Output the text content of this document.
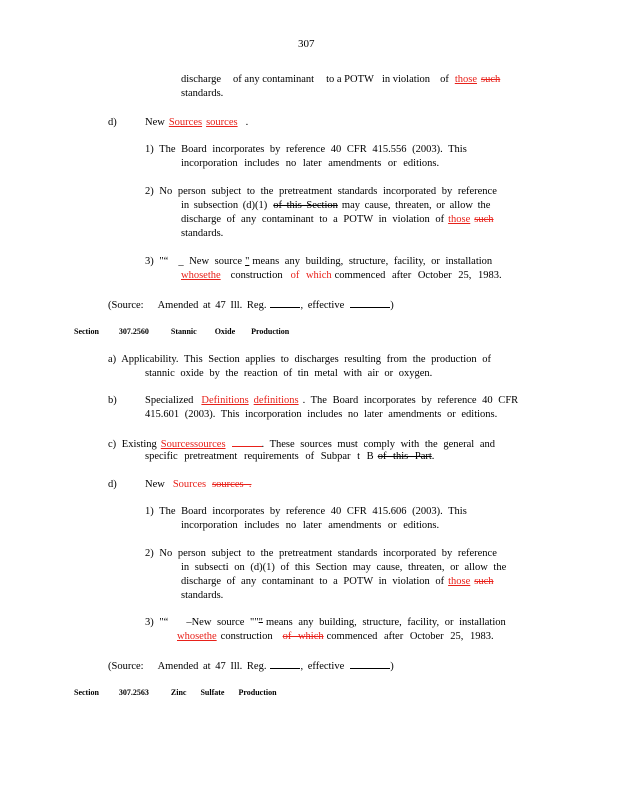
307
discharge of any contaminant to a POTW in violation of those such
standards.
d)	New Sources sources .
1) The Board incorporates by reference 40 CFR 415.556 (2003). This
incorporation includes no later amendments or editions.
2) No person subject to the pretreatment standards incorporated by reference
in subsection (d)(1) of this Section may cause, threaten, or allow the
discharge of any contaminant to a POTW in violation of those such
standards.
3) "“ _ New source " means any building, structure, facility, or installation
whosethe construction of which commenced after October 25, 1983.
(Source: Amended at 47 Ill. Reg.	, effective	)
Section	307.2560	Stannic Oxide Production
a) Applicability. This Section applies to discharges resulting from the production of
stannic oxide by the reaction of tin metal with air or oxygen.
b)	Specialized Definitions definitions . The Board incorporates by reference 40 CFR
415.601 (2003). This incorporation includes no later amendments or editions.
c) Existing Sourcessources	. These sources must comply with the general and
specific pretreatment requirements of Subpar t B of this Part.
d)	New Sources sources  .
1) The Board incorporates by reference 40 CFR 415.606 (2003). This
incorporation includes no later amendments or editions.
2) No person subject to the pretreatment standards incorporated by reference
in subsecti on (d)(1) of this Section may cause, threaten, or allow the
discharge of any contaminant to a POTW in violation of those such
standards.
3) "“ –New source """ means any building, structure, facility, or installation
whosethe construction of which commenced after October 25, 1983.
(Source: Amended at 47 Ill. Reg.	, effective	)
Section	307.2563	Zinc Sulfate Production
